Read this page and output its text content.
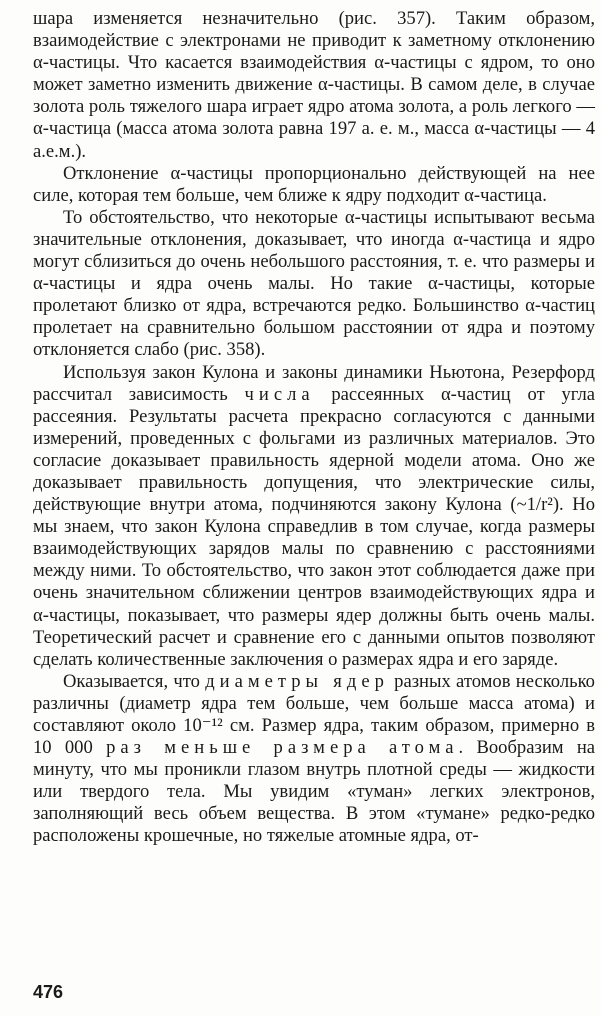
шара изменяется незначительно (рис. 357). Таким образом, взаимодействие с электронами не приводит к заметному отклонению α-частицы. Что касается взаимодействия α-частицы с ядром, то оно может заметно изменить движение α-частицы. В самом деле, в случае золота роль тяжелого шара играет ядро атома золота, а роль легкого — α-частица (масса атома золота равна 197 а. е. м., масса α-частицы — 4 а.е.м.).

Отклонение α-частицы пропорционально действующей на нее силе, которая тем больше, чем ближе к ядру подходит α-частица.

То обстоятельство, что некоторые α-частицы испытывают весьма значительные отклонения, доказывает, что иногда α-частица и ядро могут сблизиться до очень небольшого расстояния, т. е. что размеры и α-частицы и ядра очень малы. Но такие α-частицы, которые пролетают близко от ядра, встречаются редко. Большинство α-частиц пролетает на сравнительно большом расстоянии от ядра и поэтому отклоняется слабо (рис. 358).

Используя закон Кулона и законы динамики Ньютона, Резерфорд рассчитал зависимость числа рассеянных α-частиц от угла рассеяния. Результаты расчета прекрасно согласуются с данными измерений, проведенных с фольгами из различных материалов. Это согласие доказывает правильность ядерной модели атома. Оно же доказывает правильность допущения, что электрические силы, действующие внутри атома, подчиняются закону Кулона (~1/r²). Но мы знаем, что закон Кулона справедлив в том случае, когда размеры взаимодействующих зарядов малы по сравнению с расстояниями между ними. То обстоятельство, что закон этот соблюдается даже при очень значительном сближении центров взаимодействующих ядра и α-частицы, показывает, что размеры ядер должны быть очень малы. Теоретический расчет и сравнение его с данными опытов позволяют сделать количественные заключения о размерах ядра и его заряде.

Оказывается, что диаметры ядер разных атомов несколько различны (диаметр ядра тем больше, чем больше масса атома) и составляют около 10⁻¹² см. Размер ядра, таким образом, примерно в 10 000 раз меньше размера атома. Вообразим на минуту, что мы проникли глазом внутрь плотной среды — жидкости или твердого тела. Мы увидим «туман» легких электронов, заполняющий весь объем вещества. В этом «тумане» редко-редко расположены крошечные, но тяжелые атомные ядра, от-

476
